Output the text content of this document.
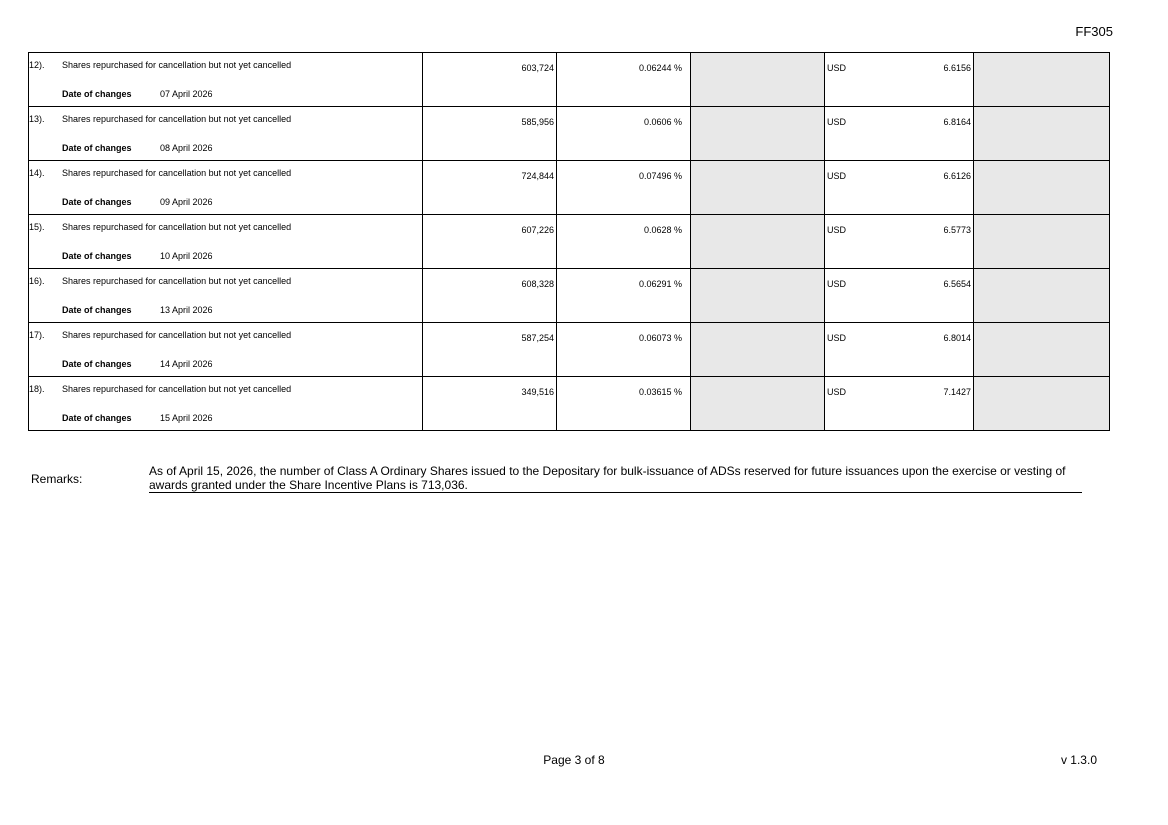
FF305
12). Shares repurchased for cancellation but not yet cancelled
Date of changes 07 April 2026	603,724	0.06244 %		USD 6.6156	

13). Shares repurchased for cancellation but not yet cancelled
Date of changes 08 April 2026	585,956	0.0606 %		USD 6.8164	

14). Shares repurchased for cancellation but not yet cancelled
Date of changes 09 April 2026	724,844	0.07496 %		USD 6.6126	

15). Shares repurchased for cancellation but not yet cancelled
Date of changes 10 April 2026	607,226	0.0628 %		USD 6.5773	

16). Shares repurchased for cancellation but not yet cancelled
Date of changes 13 April 2026	608,328	0.06291 %		USD 6.5654	

17). Shares repurchased for cancellation but not yet cancelled
Date of changes 14 April 2026	587,254	0.06073 %		USD 6.8014	

18). Shares repurchased for cancellation but not yet cancelled
Date of changes 15 April 2026	349,516	0.03615 %		USD 7.1427	

Remarks:
As of April 15, 2026, the number of Class A Ordinary Shares issued to the Depositary for bulk-issuance of ADSs reserved for future issuances upon the exercise or vesting of awards granted under the Share Incentive Plans is 713,036.
Page 3 of 8	v 1.3.0
